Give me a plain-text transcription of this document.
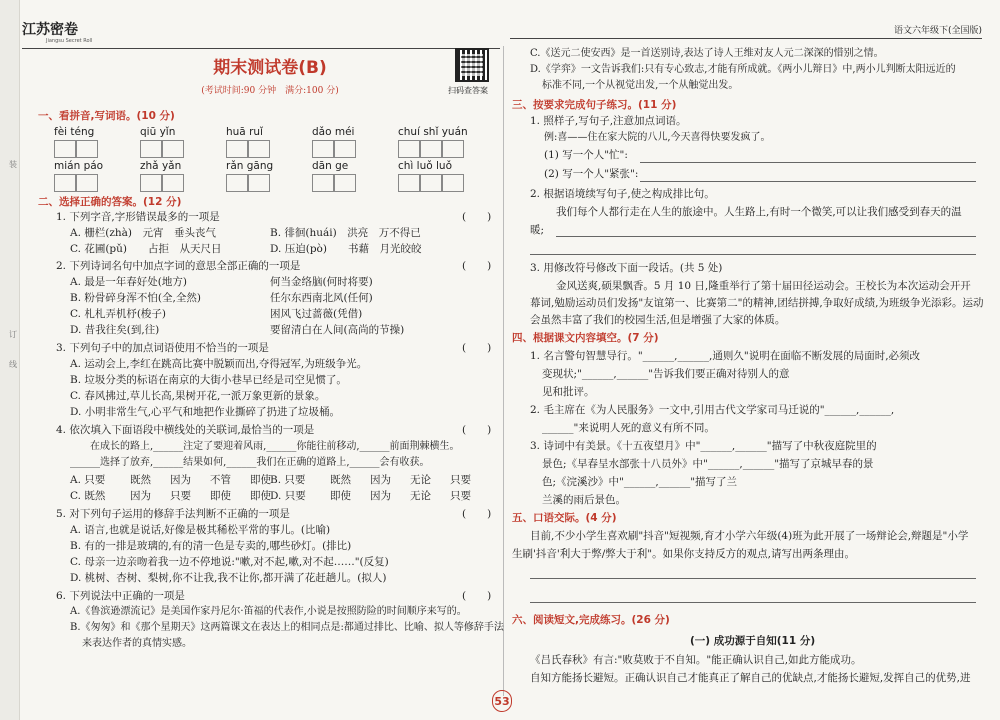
装
订
线
江苏密卷
Jiangsu Secret Roll
语文六年级下(全国版)
期末测试卷(B)
(考试时间:90 分钟　满分:100 分)	扫码查答案
一、看拼音,写词语。(10 分)
fèi téng	qiū yǐn	huā ruǐ	dǎo méi	chuí shǐ yuán
mián páo	zhǎ yǎn	rǎn gāng	dān ge	chì luǒ luǒ
二、选择正确的答案。(12 分)
1. 下列字音,字形错误最多的一项是	(　　)
A. 栅栏(zhà)　元宵　垂头丧气	B. 徘徊(huái)　洪亮　万不得已
C. 花圃(pǔ)　　占拒　从天尺日	D. 压迫(pò)　　书藉　月光皎皎
2. 下列诗词名句中加点字词的意思全部正确的一项是	(　　)
A. 最是一年春好处(地方)	何当金络脑(何时将要)
B. 粉骨碎身浑不怕(全,全然)	任尔东西南北风(任何)
C. 札札弄机杼(梭子)	困风飞过蔷薇(凭借)
D. 昔我往矣(到,往)	要留清白在人间(高尚的节操)
3. 下列句子中的加点词语使用不恰当的一项是	(　　)
A. 运动会上,李红在跳高比赛中脱颖而出,夺得冠军,为班级争光。
B. 垃圾分类的标语在南京的大街小巷早已经是司空见惯了。
C. 春风拂过,草儿长高,果树开花,一派万象更新的景象。
D. 小明非常生气,心平气和地把作业撕碎了扔进了垃圾桶。
4. 依次填入下面语段中横线处的关联词,最恰当的一项是	(　　)
在成长的路上,______注定了要迎着风雨,______你能往前移动,______前面荆棘横生。
______选择了放弃,______结果如何,______我们在正确的道路上,______会有收获。
A. 只要	既然	因为	不管	即使 B. 只要	既然	因为	无论	只要
C. 既然	因为	只要	即使	即使 D. 只要	即使	因为	无论	只要
5. 对下列句子运用的修辞手法判断不正确的一项是	(　　)
A. 语言,也就是说话,好像是极其稀松平常的事儿。(比喻)
B. 有的一排是玻璃的,有的清一色是专卖的,哪些砂灯。(排比)
C. 母亲一边亲吻着我一边不停地说:"嗽,对不起,嗽,对不起……"(反复)
D. 桃树、杏树、梨树,你不让我,我不让你,都开满了花赶趟儿。(拟人)
6. 下列说法中正确的一项是	(　　)
A.《鲁滨逊漂流记》是美国作家丹尼尔·笛福的代表作,小说是按照防险的时间顺序来写的。
B.《匆匆》和《那个星期天》这两篇课文在表达上的相同点是:都通过排比、比喻、拟人等修辞手法
来表达作者的真情实感。
C.《送元二使安西》是一首送别诗,表达了诗人王维对友人元二深深的惜别之情。
D.《学弈》一文告诉我们:只有专心致志,才能有所成就。《两小儿辩日》中,两小儿判断太阳远近的
标准不同,一个从视觉出发,一个从触觉出发。
三、按要求完成句子练习。(11 分)
1. 照样子,写句子,注意加点词语。
例:喜——住在家大院的八儿,今天喜得快要发疯了。
(1) 写一个人"忙":
(2) 写一个人"紧张":
2. 根据语境续写句子,使之构成排比句。
我们每个人都行走在人生的旅途中。人生路上,有时一个微笑,可以让我们感受到春天的温
暖;
3. 用修改符号修改下面一段话。(共 5 处)
金风送爽,硕果飘香。5 月 10 日,隆重举行了第十届田径运动会。王校长为本次运动会开开
幕词,勉励运动员们发扬"友谊第一、比赛第二"的精神,团结拼搏,争取好成绩,为班级争光添彩。运动
会虽然丰富了我们的校园生活,但是增强了大家的体质。
四、根据课文内容填空。(7 分)
1. 名言警句智慧导行。"______,______,通则久"说明在面临不断发展的局面时,必须改
变现状;"______,______"告诉我们要正确对待别人的意
见和批评。
2. 毛主席在《为人民服务》一文中,引用古代文学家司马迁说的"______,______,
______"来说明人死的意义有所不同。
3. 诗词中有美景。《十五夜望月》中"______,______"描写了中秋夜庭院里的
景色;《早春呈水部张十八员外》中"______,______"描写了京城早春的景
色;《浣溪沙》中"______,______"描写了兰
兰溪的雨后景色。
五、口语交际。(4 分)
目前,不少小学生喜欢刷"抖音"短视频,育才小学六年级(4)班为此开展了一场辩论会,辩题是"小学
生刷'抖音'利大于弊/弊大于利"。如果你支持反方的观点,请写出两条理由。
六、阅读短文,完成练习。(26 分)
(一) 成功源于自知(11 分)
《吕氏春秋》有言:"败莫败于不自知。"能正确认识自己,如此方能成功。
自知方能扬长避短。正确认识自己才能真正了解自己的优缺点,才能扬长避短,发挥自己的优势,进
53
